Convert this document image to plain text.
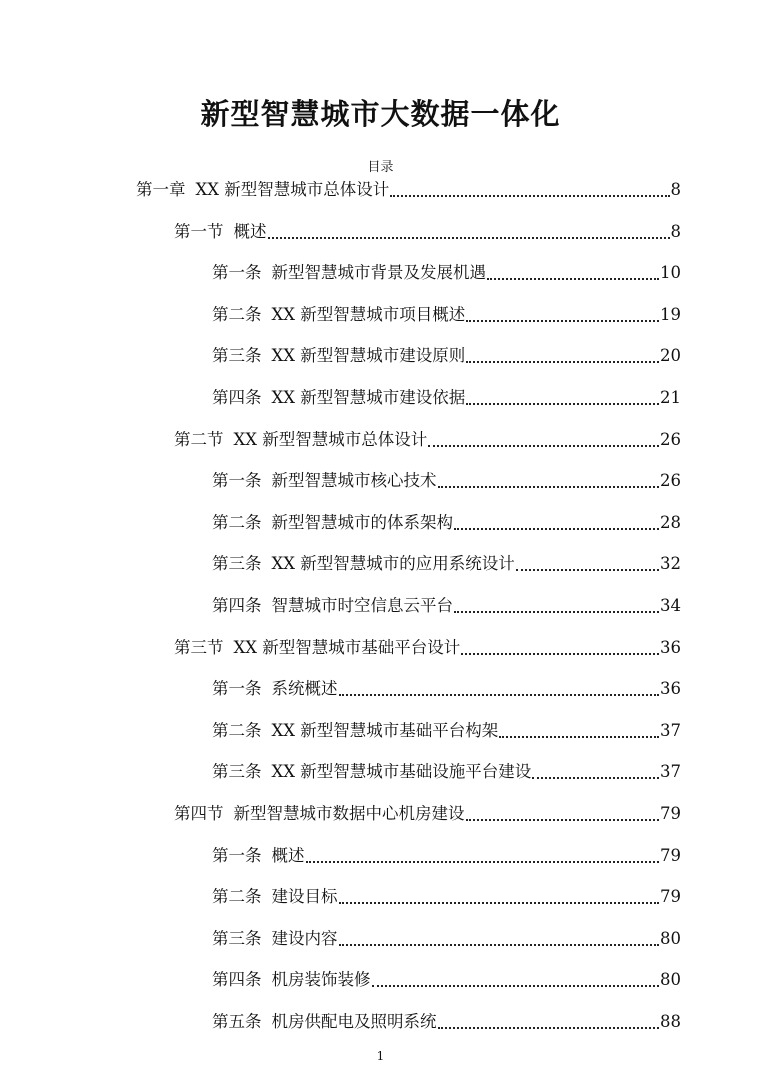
新型智慧城市大数据一体化
目录
第一章 XX 新型智慧城市总体设计	8
第一节 概述	8
第一条 新型智慧城市背景及发展机遇	10
第二条 XX 新型智慧城市项目概述	19
第三条 XX 新型智慧城市建设原则	20
第四条 XX 新型智慧城市建设依据	21
第二节 XX 新型智慧城市总体设计	26
第一条 新型智慧城市核心技术	26
第二条 新型智慧城市的体系架构	28
第三条 XX 新型智慧城市的应用系统设计	32
第四条 智慧城市时空信息云平台	34
第三节 XX 新型智慧城市基础平台设计	36
第一条 系统概述	36
第二条 XX 新型智慧城市基础平台构架	37
第三条 XX 新型智慧城市基础设施平台建设	37
第四节 新型智慧城市数据中心机房建设	79
第一条 概述	79
第二条 建设目标	79
第三条 建设内容	80
第四条 机房装饰装修	80
第五条 机房供配电及照明系统	88
1
